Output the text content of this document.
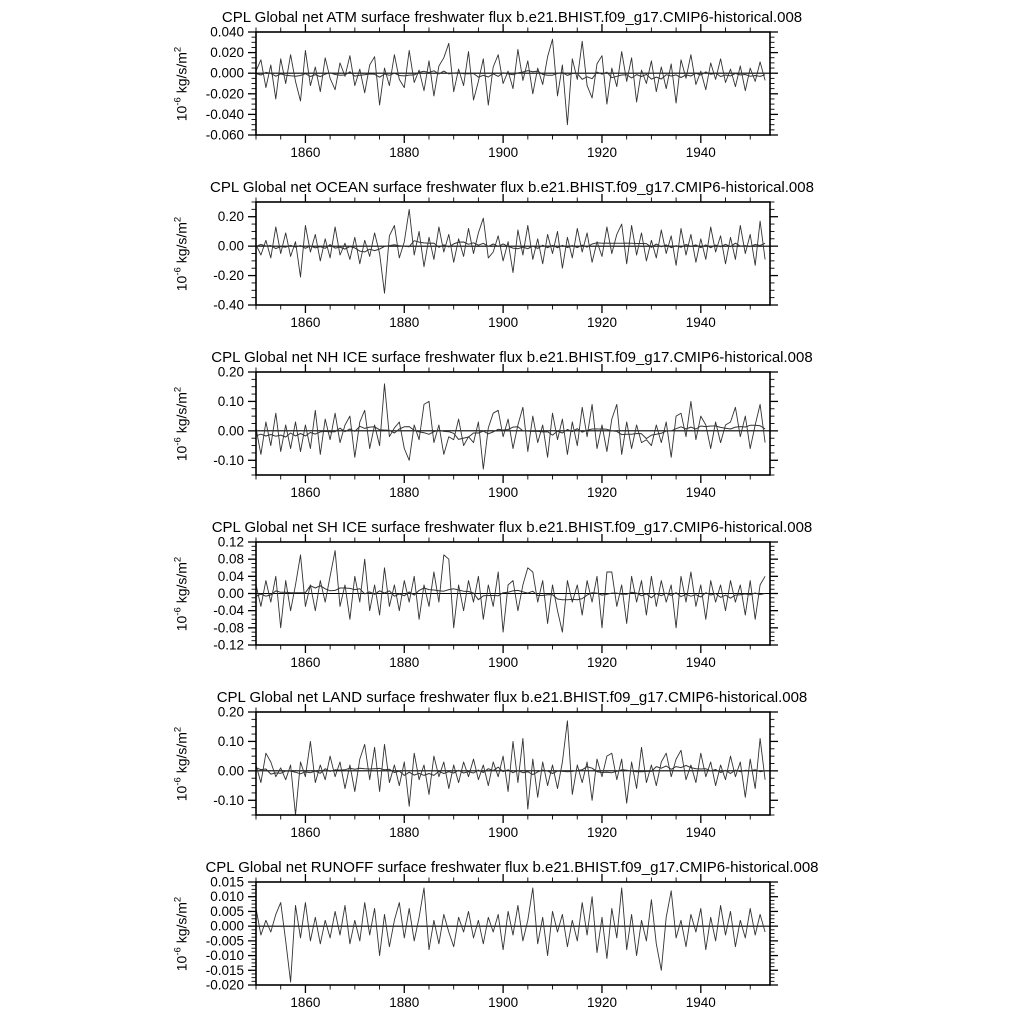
1860	1880	1900	1920	1940
0.040
0.020
0.000
-0.020
-0.040
-0.060
CPL Global net ATM surface freshwater flux b.e21.BHIST.f09_g17.CMIP6-historical.008
$10^{-6}$ $kg/s/m^2$
1860	1880	1900	1920	1940
0.20
0.00
-0.20
-0.40
CPL Global net OCEAN surface freshwater flux b.e21.BHIST.f09_g17.CMIP6-historical.008
$10^{-6}$ $kg/s/m^2$
1860	1880	1900	1920	1940
0.20
0.10
0.00
-0.10
CPL Global net NH ICE surface freshwater flux b.e21.BHIST.f09_g17.CMIP6-historical.008
$10^{-6}$ $kg/s/m^2$
1860	1880	1900	1920	1940
0.12
0.08
0.04
0.00
-0.04
-0.08
-0.12
CPL Global net SH ICE surface freshwater flux b.e21.BHIST.f09_g17.CMIP6-historical.008
$10^{-6}$ $kg/s/m^2$
1860	1880	1900	1920	1940
0.20
0.10
0.00
-0.10
CPL Global net LAND surface freshwater flux b.e21.BHIST.f09_g17.CMIP6-historical.008
$10^{-6}$ $kg/s/m^2$
1860	1880	1900	1920	1940
0.015
0.010
0.005
0.000
-0.005
-0.010
-0.015
-0.020
CPL Global net RUNOFF surface freshwater flux b.e21.BHIST.f09_g17.CMIP6-historical.008
$10^{-6}$ $kg/s/m^2$
